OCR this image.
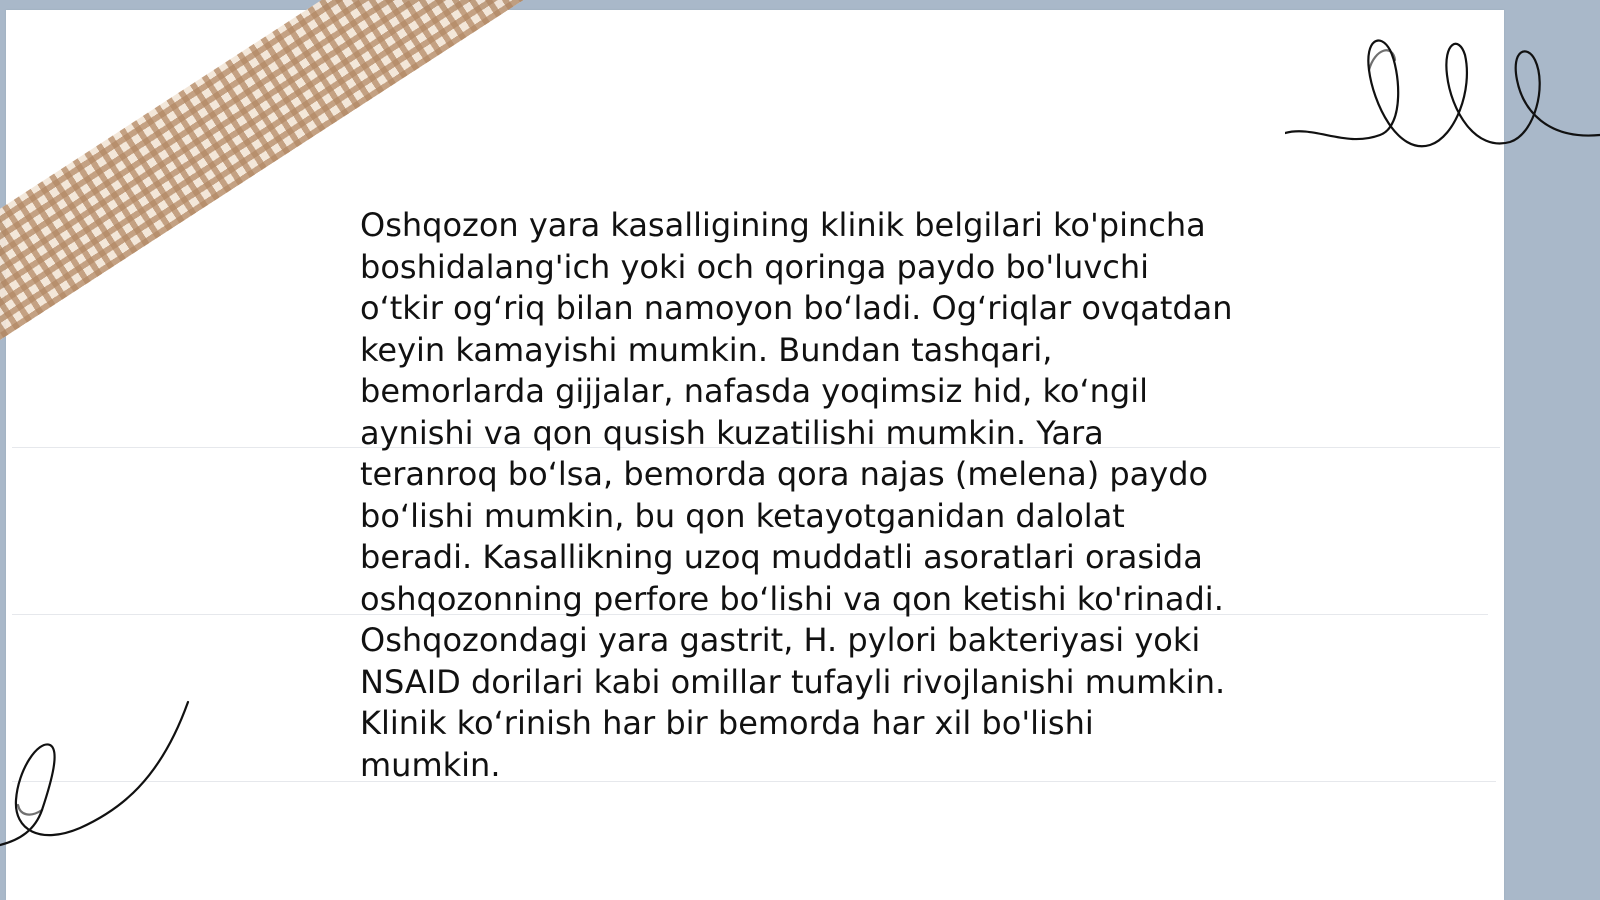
Oshqozon yara kasalligining klinik belgilari ko'pincha
boshidalang'ich yoki och qoringa paydo bo'luvchi
o‘tkir og‘riq bilan namoyon bo‘ladi. Og‘riqlar ovqatdan
keyin kamayishi mumkin. Bundan tashqari,
bemorlarda gijjalar, nafasda yoqimsiz hid, ko‘ngil
aynishi va qon qusish kuzatilishi mumkin. Yara
teranroq bo‘lsa, bemorda qora najas (melena) paydo
bo‘lishi mumkin, bu qon ketayotganidan dalolat
beradi. Kasallikning uzoq muddatli asoratlari orasida
oshqozonning perfore bo‘lishi va qon ketishi ko'rinadi.
Oshqozondagi yara gastrit, H. pylori bakteriyasi yoki
NSAID dorilari kabi omillar tufayli rivojlanishi mumkin.
Klinik ko‘rinish har bir bemorda har xil bo'lishi
mumkin.
